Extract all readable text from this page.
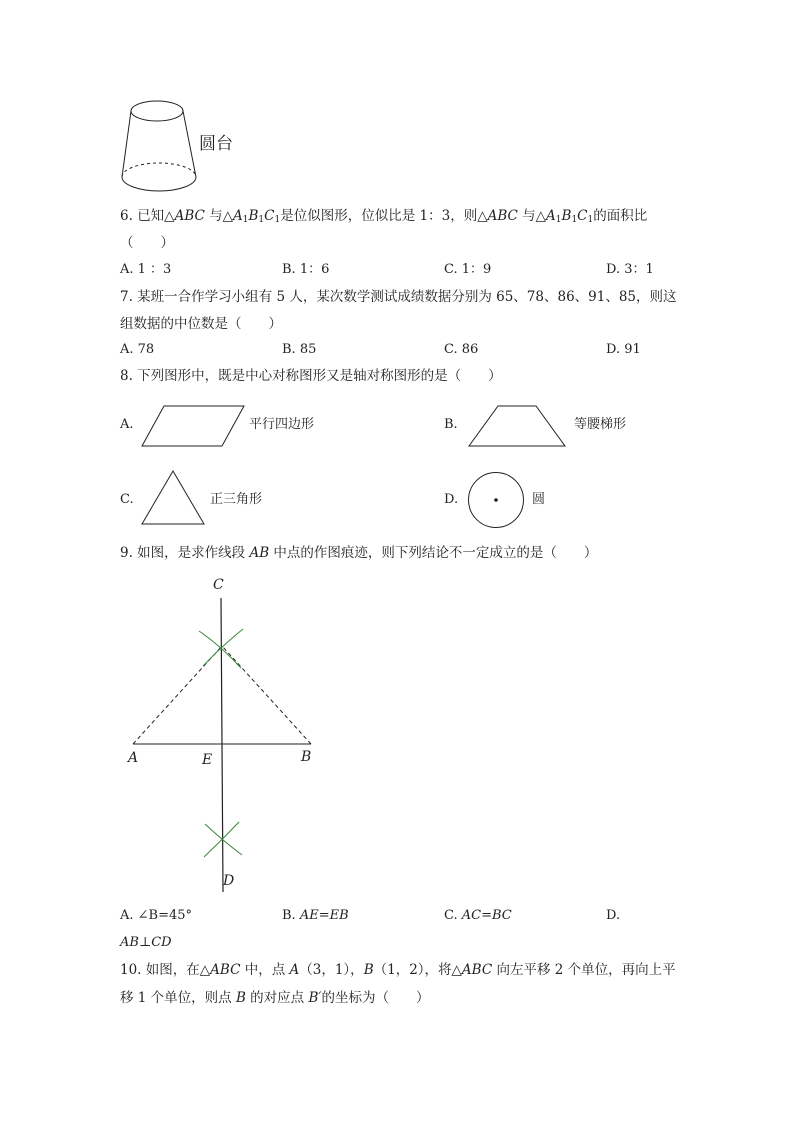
圆台
6. 已知△ABC 与$\triangle A_1B_1C_1$是位似图形，位似比是 1：3，则△ABC 与$\triangle A_1B_1C_1$的面积比
（　　）
A. 1 ：3	B. 1：6	C. 1：9	D. 3：1
7. 某班一合作学习小组有 5 人，某次数学测试成绩数据分别为 65、78、86、91、85，则这
组数据的中位数是（　　）
A. 78	B. 85	C. 86	D. 91
8. 下列图形中，既是中心对称图形又是轴对称图形的是（　　）
A.	平行四边形	B.	等腰梯形
C.	正三角形	D.	圆
9. 如图，是求作线段 AB 中点的作图痕迹，则下列结论不一定成立的是（　　）
C
A	E	B
D
A. ∠B=45°	B. AE=EB	C. AC=BC	D.
AB⊥CD
10. 如图，在△ABC 中，点 A（3，1），B（1，2），将△ABC 向左平移 2 个单位，再向上平
移 1 个单位，则点 B 的对应点 B′的坐标为（　　）
